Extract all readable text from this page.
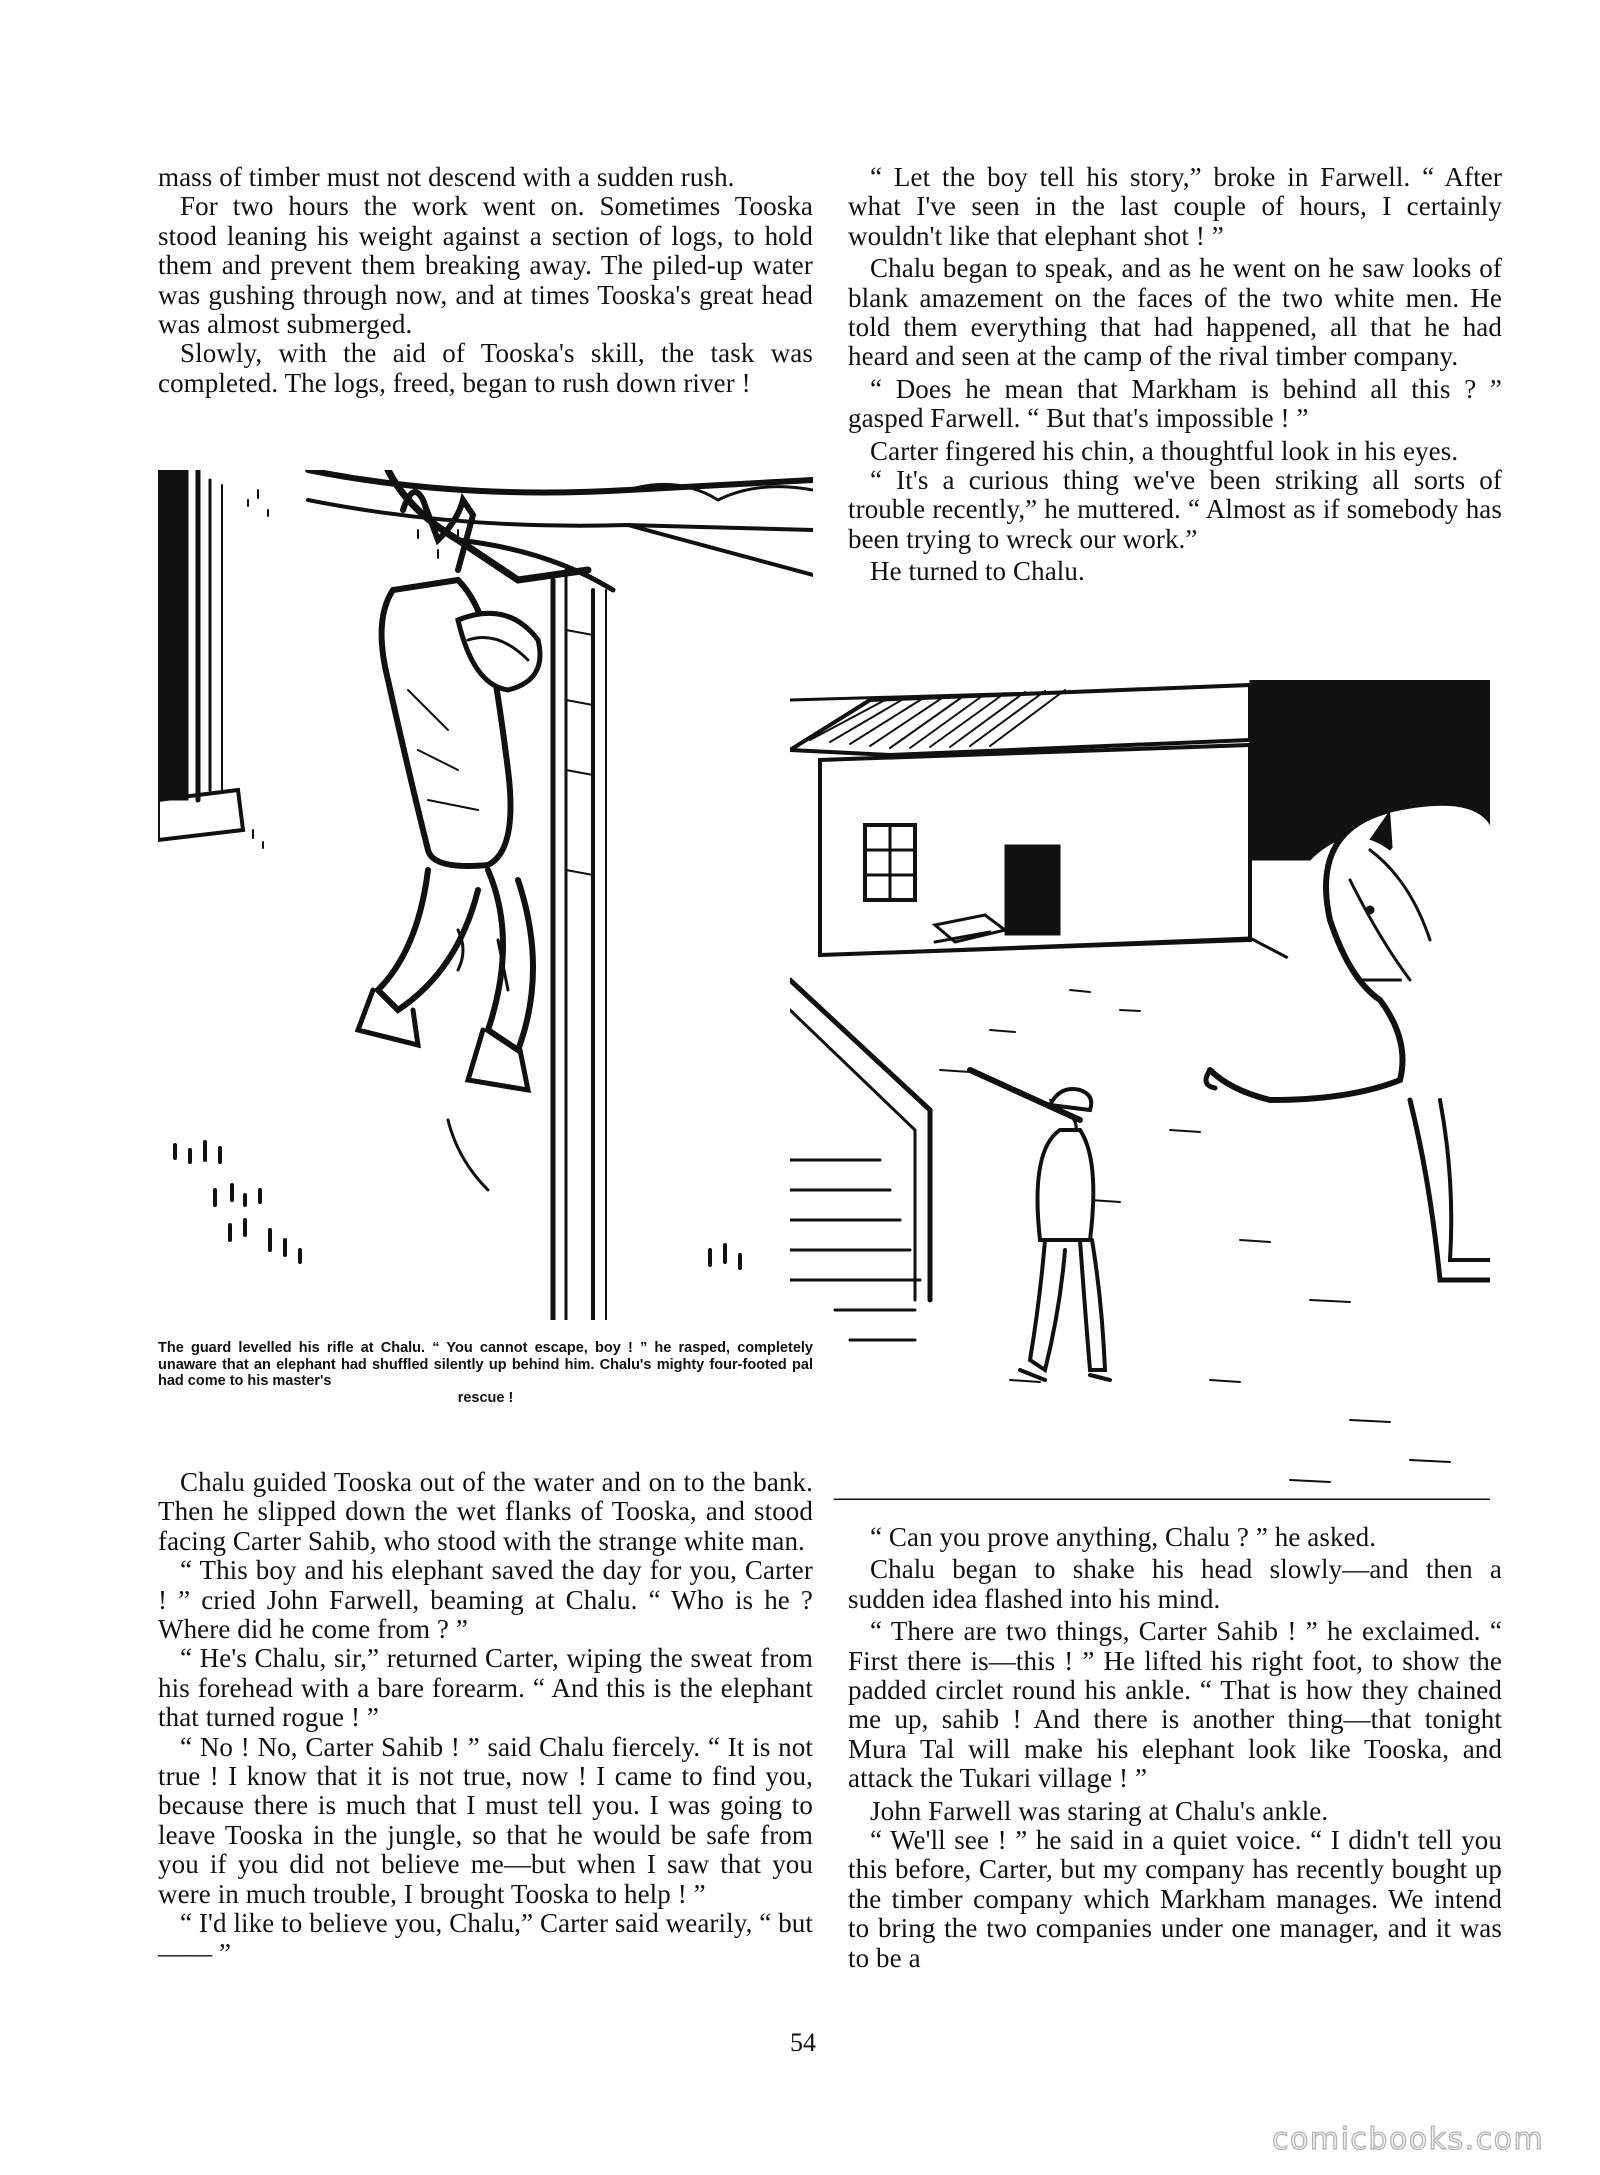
mass of timber must not descend with a sudden rush.

For two hours the work went on. Sometimes Tooska stood leaning his weight against a section of logs, to hold them and prevent them breaking away. The piled-up water was gushing through now, and at times Tooska's great head was almost submerged.

Slowly, with the aid of Tooska's skill, the task was completed. The logs, freed, began to rush down river !

“ Let the boy tell his story,” broke in Farwell. “ After what I've seen in the last couple of hours, I certainly wouldn't like that elephant shot ! ”

Chalu began to speak, and as he went on he saw looks of blank amazement on the faces of the two white men. He told them everything that had happened, all that he had heard and seen at the camp of the rival timber company.

“ Does he mean that Markham is behind all this ? ” gasped Farwell. “ But that's impossible ! ”

Carter fingered his chin, a thoughtful look in his eyes.

“ It's a curious thing we've been striking all sorts of trouble recently,” he muttered. “ Almost as if somebody has been trying to wreck our work.”

He turned to Chalu.

The guard levelled his rifle at Chalu. “ You cannot escape, boy ! ” he rasped, completely unaware that an elephant had shuffled silently up behind him. Chalu's mighty four-footed pal had come to his master's
rescue !

Chalu guided Tooska out of the water and on to the bank. Then he slipped down the wet flanks of Tooska, and stood facing Carter Sahib, who stood with the strange white man.

“ This boy and his elephant saved the day for you, Carter ! ” cried John Farwell, beaming at Chalu. “ Who is he ? Where did he come from ? ”

“ He's Chalu, sir,” returned Carter, wiping the sweat from his forehead with a bare forearm. “ And this is the elephant that turned rogue ! ”

“ No ! No, Carter Sahib ! ” said Chalu fiercely. “ It is not true ! I know that it is not true, now ! I came to find you, because there is much that I must tell you. I was going to leave Tooska in the jungle, so that he would be safe from you if you did not believe me—but when I saw that you were in much trouble, I brought Tooska to help ! ”

“ I'd like to believe you, Chalu,” Carter said wearily, “ but—— ”

“ Can you prove anything, Chalu ? ” he asked.

Chalu began to shake his head slowly—and then a sudden idea flashed into his mind.

“ There are two things, Carter Sahib ! ” he exclaimed. “ First there is—this ! ” He lifted his right foot, to show the padded circlet round his ankle. “ That is how they chained me up, sahib ! And there is another thing—that tonight Mura Tal will make his elephant look like Tooska, and attack the Tukari village ! ”

John Farwell was staring at Chalu's ankle.

“ We'll see ! ” he said in a quiet voice. “ I didn't tell you this before, Carter, but my company has recently bought up the timber company which Markham manages. We intend to bring the two companies under one manager, and it was to be a

54
comicbooks.com
